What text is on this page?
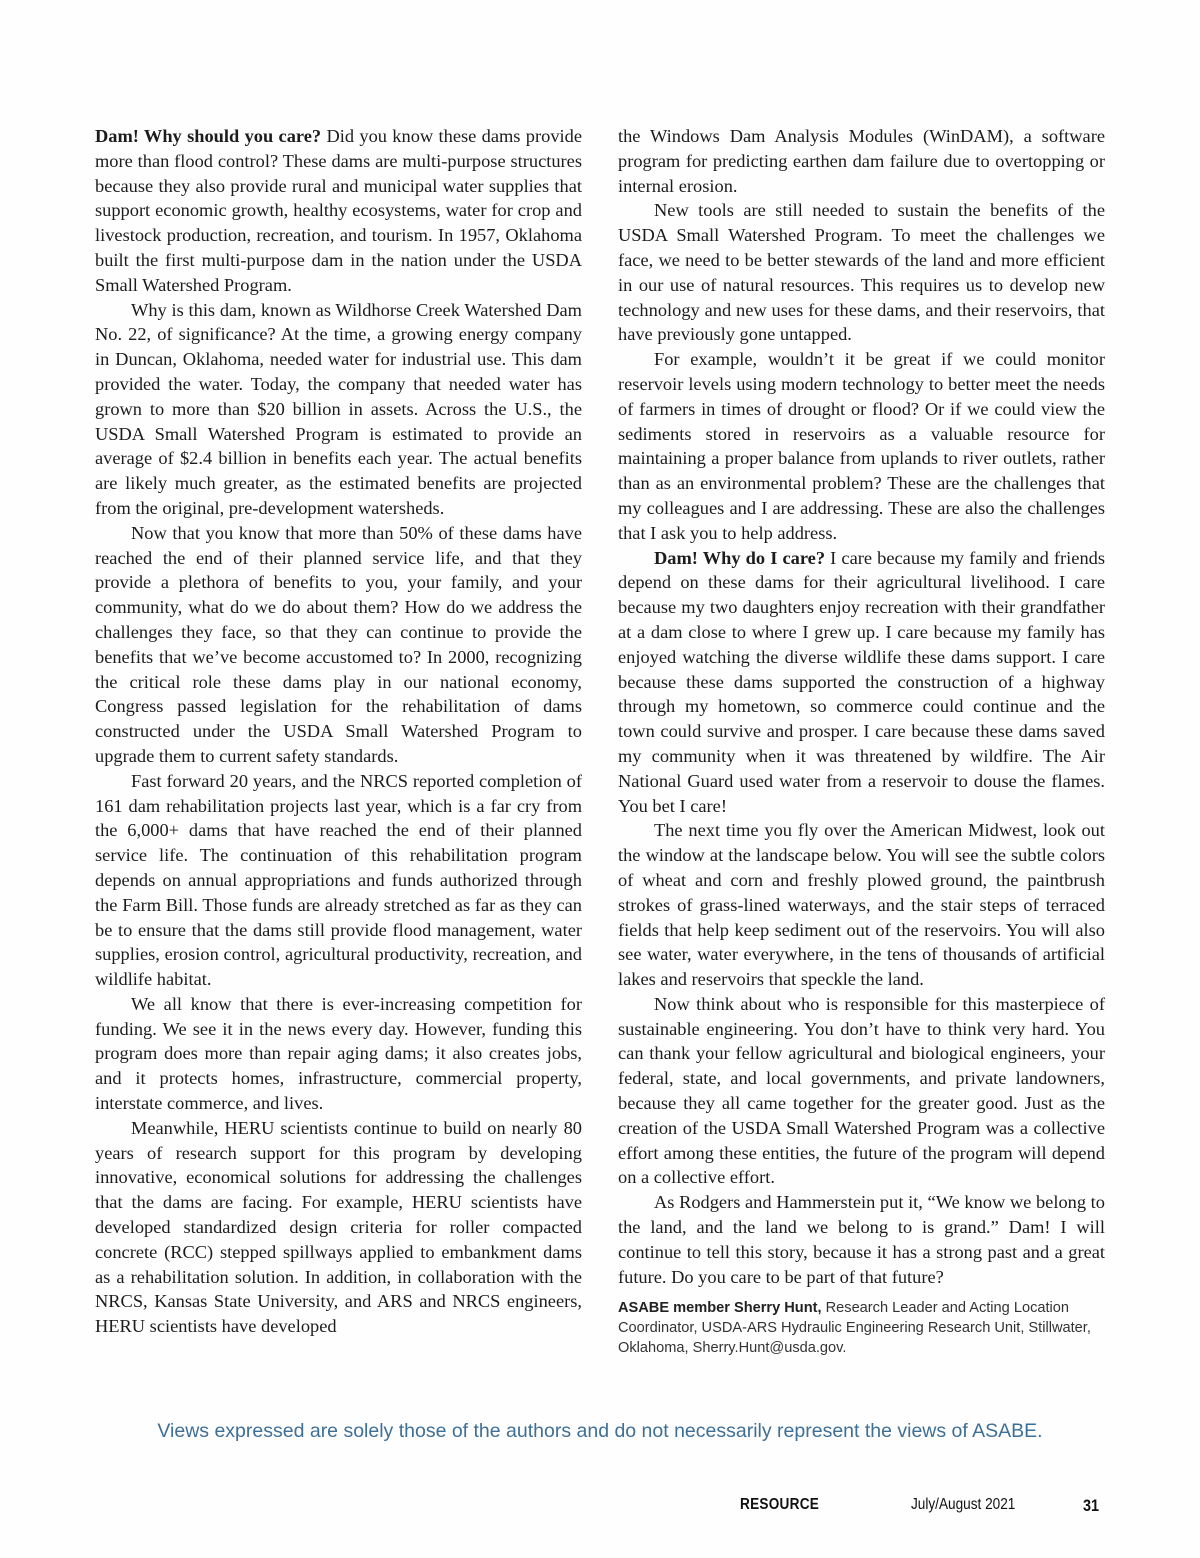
Dam! Why should you care? Did you know these dams provide more than flood control? These dams are multi-purpose structures because they also provide rural and municipal water supplies that support economic growth, healthy ecosystems, water for crop and livestock production, recreation, and tourism. In 1957, Oklahoma built the first multi-purpose dam in the nation under the USDA Small Watershed Program.

Why is this dam, known as Wildhorse Creek Watershed Dam No. 22, of significance? At the time, a growing energy company in Duncan, Oklahoma, needed water for industrial use. This dam provided the water. Today, the company that needed water has grown to more than $20 billion in assets. Across the U.S., the USDA Small Watershed Program is estimated to provide an average of $2.4 billion in benefits each year. The actual benefits are likely much greater, as the estimated benefits are projected from the original, pre-development watersheds.

Now that you know that more than 50% of these dams have reached the end of their planned service life, and that they provide a plethora of benefits to you, your family, and your community, what do we do about them? How do we address the challenges they face, so that they can continue to provide the benefits that we’ve become accustomed to? In 2000, recognizing the critical role these dams play in our national economy, Congress passed legislation for the rehabilitation of dams constructed under the USDA Small Watershed Program to upgrade them to current safety standards.

Fast forward 20 years, and the NRCS reported completion of 161 dam rehabilitation projects last year, which is a far cry from the 6,000+ dams that have reached the end of their planned service life. The continuation of this rehabilitation program depends on annual appropriations and funds authorized through the Farm Bill. Those funds are already stretched as far as they can be to ensure that the dams still provide flood management, water supplies, erosion control, agricultural productivity, recreation, and wildlife habitat.

We all know that there is ever-increasing competition for funding. We see it in the news every day. However, funding this program does more than repair aging dams; it also creates jobs, and it protects homes, infrastructure, commercial property, interstate commerce, and lives.

Meanwhile, HERU scientists continue to build on nearly 80 years of research support for this program by developing innovative, economical solutions for addressing the challenges that the dams are facing. For example, HERU scientists have developed standardized design criteria for roller compacted concrete (RCC) stepped spillways applied to embankment dams as a rehabilitation solution. In addition, in collaboration with the NRCS, Kansas State University, and ARS and NRCS engineers, HERU scientists have developed

the Windows Dam Analysis Modules (WinDAM), a software program for predicting earthen dam failure due to overtopping or internal erosion.

New tools are still needed to sustain the benefits of the USDA Small Watershed Program. To meet the challenges we face, we need to be better stewards of the land and more efficient in our use of natural resources. This requires us to develop new technology and new uses for these dams, and their reservoirs, that have previously gone untapped.

For example, wouldn’t it be great if we could monitor reservoir levels using modern technology to better meet the needs of farmers in times of drought or flood? Or if we could view the sediments stored in reservoirs as a valuable resource for maintaining a proper balance from uplands to river outlets, rather than as an environmental problem? These are the challenges that my colleagues and I are addressing. These are also the challenges that I ask you to help address.

Dam! Why do I care? I care because my family and friends depend on these dams for their agricultural livelihood. I care because my two daughters enjoy recreation with their grandfather at a dam close to where I grew up. I care because my family has enjoyed watching the diverse wildlife these dams support. I care because these dams supported the construction of a highway through my hometown, so commerce could continue and the town could survive and prosper. I care because these dams saved my community when it was threatened by wildfire. The Air National Guard used water from a reservoir to douse the flames. You bet I care!

The next time you fly over the American Midwest, look out the window at the landscape below. You will see the subtle colors of wheat and corn and freshly plowed ground, the paintbrush strokes of grass-lined waterways, and the stair steps of terraced fields that help keep sediment out of the reservoirs. You will also see water, water everywhere, in the tens of thousands of artificial lakes and reservoirs that speckle the land.

Now think about who is responsible for this masterpiece of sustainable engineering. You don’t have to think very hard. You can thank your fellow agricultural and biological engineers, your federal, state, and local governments, and private landowners, because they all came together for the greater good. Just as the creation of the USDA Small Watershed Program was a collective effort among these entities, the future of the program will depend on a collective effort.

As Rodgers and Hammerstein put it, “We know we belong to the land, and the land we belong to is grand.” Dam! I will continue to tell this story, because it has a strong past and a great future. Do you care to be part of that future?

ASABE member Sherry Hunt, Research Leader and Acting Location Coordinator, USDA-ARS Hydraulic Engineering Research Unit, Stillwater, Oklahoma, Sherry.Hunt@usda.gov.
Views expressed are solely those of the authors and do not necessarily represent the views of ASABE.
RESOURCE	July/August 2021	31
